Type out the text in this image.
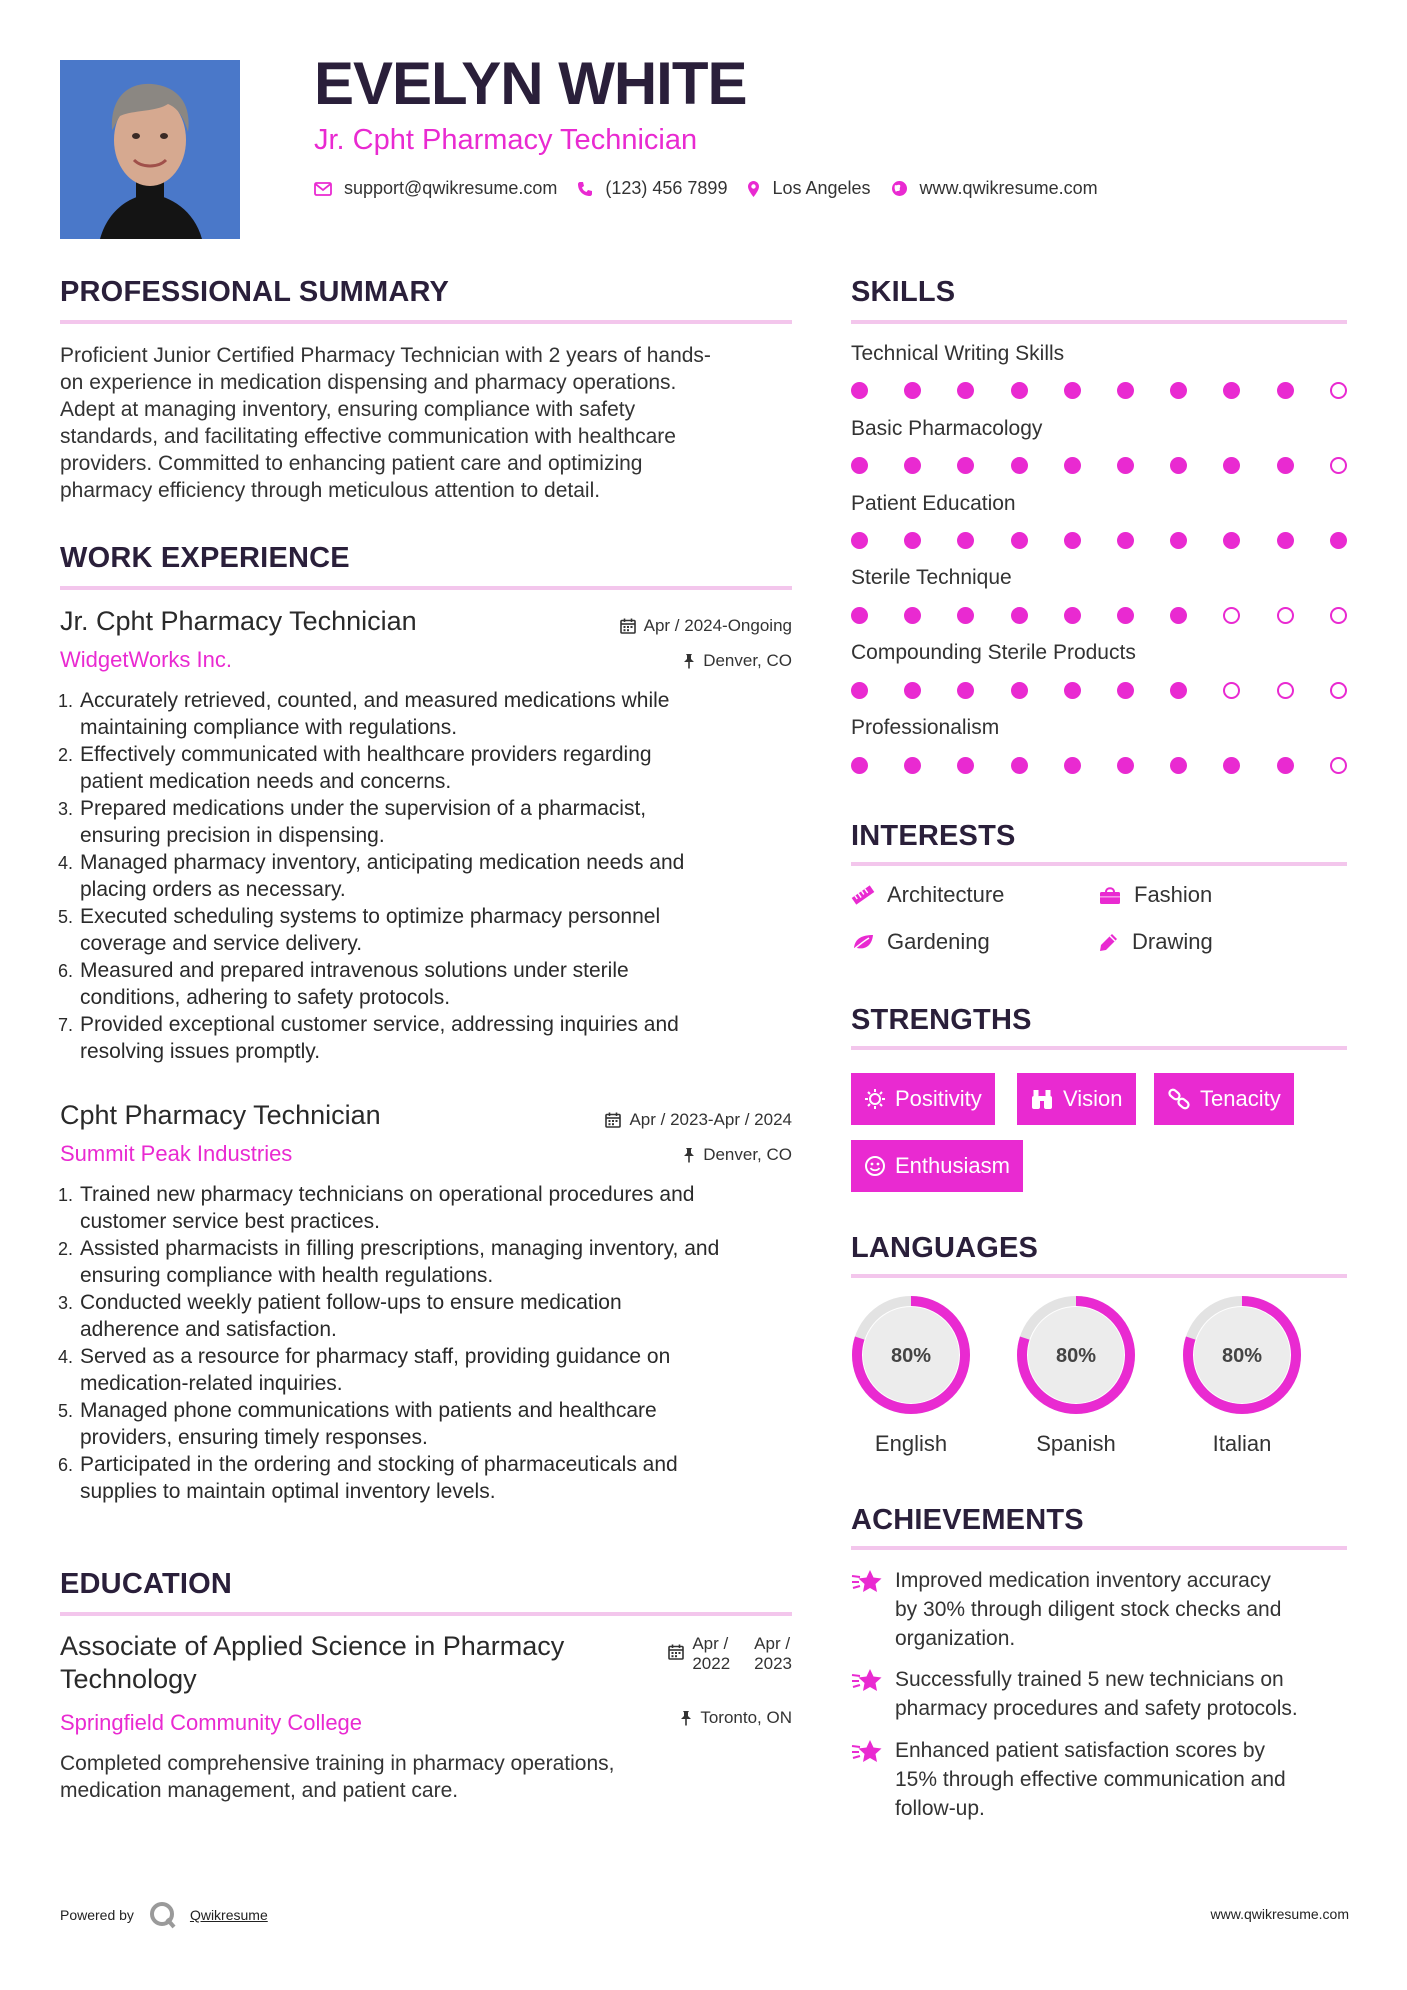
EVELYN WHITE
Jr. Cpht Pharmacy Technician
support@qwikresume.com	(123) 456 7899	Los Angeles	www.qwikresume.com
PROFESSIONAL SUMMARY
Proficient Junior Certified Pharmacy Technician with 2 years of hands-
on experience in medication dispensing and pharmacy operations.
Adept at managing inventory, ensuring compliance with safety
standards, and facilitating effective communication with healthcare
providers. Committed to enhancing patient care and optimizing
pharmacy efficiency through meticulous attention to detail.
WORK EXPERIENCE
Jr. Cpht Pharmacy Technician
WidgetWorks Inc.
Apr / 2024-Ongoing
Denver, CO
1. Accurately retrieved, counted, and measured medications while
maintaining compliance with regulations.
2. Effectively communicated with healthcare providers regarding
patient medication needs and concerns.
3. Prepared medications under the supervision of a pharmacist,
ensuring precision in dispensing.
4. Managed pharmacy inventory, anticipating medication needs and
placing orders as necessary.
5. Executed scheduling systems to optimize pharmacy personnel
coverage and service delivery.
6. Measured and prepared intravenous solutions under sterile
conditions, adhering to safety protocols.
7. Provided exceptional customer service, addressing inquiries and
resolving issues promptly.
Cpht Pharmacy Technician
Summit Peak Industries
Apr / 2023-Apr / 2024
Denver, CO
1. Trained new pharmacy technicians on operational procedures and
customer service best practices.
2. Assisted pharmacists in filling prescriptions, managing inventory, and
ensuring compliance with health regulations.
3. Conducted weekly patient follow-ups to ensure medication
adherence and satisfaction.
4. Served as a resource for pharmacy staff, providing guidance on
medication-related inquiries.
5. Managed phone communications with patients and healthcare
providers, ensuring timely responses.
6. Participated in the ordering and stocking of pharmaceuticals and
supplies to maintain optimal inventory levels.
EDUCATION
Associate of Applied Science in Pharmacy
Technology
Springfield Community College
Apr /
2022
Apr /
2023
Toronto, ON
Completed comprehensive training in pharmacy operations,
medication management, and patient care.
SKILLS
Technical Writing Skills
Basic Pharmacology
Patient Education
Sterile Technique
Compounding Sterile Products
Professionalism
INTERESTS
Architecture	Fashion
Gardening	Drawing
STRENGTHS
Positivity	Vision	Tenacity
Enthusiasm
LANGUAGES
80%
English
80%
Spanish
80%
Italian
ACHIEVEMENTS
Improved medication inventory accuracy
by 30% through diligent stock checks and
organization.
Successfully trained 5 new technicians on
pharmacy procedures and safety protocols.
Enhanced patient satisfaction scores by
15% through effective communication and
follow-up.
Powered by	Qwikresume	www.qwikresume.com
